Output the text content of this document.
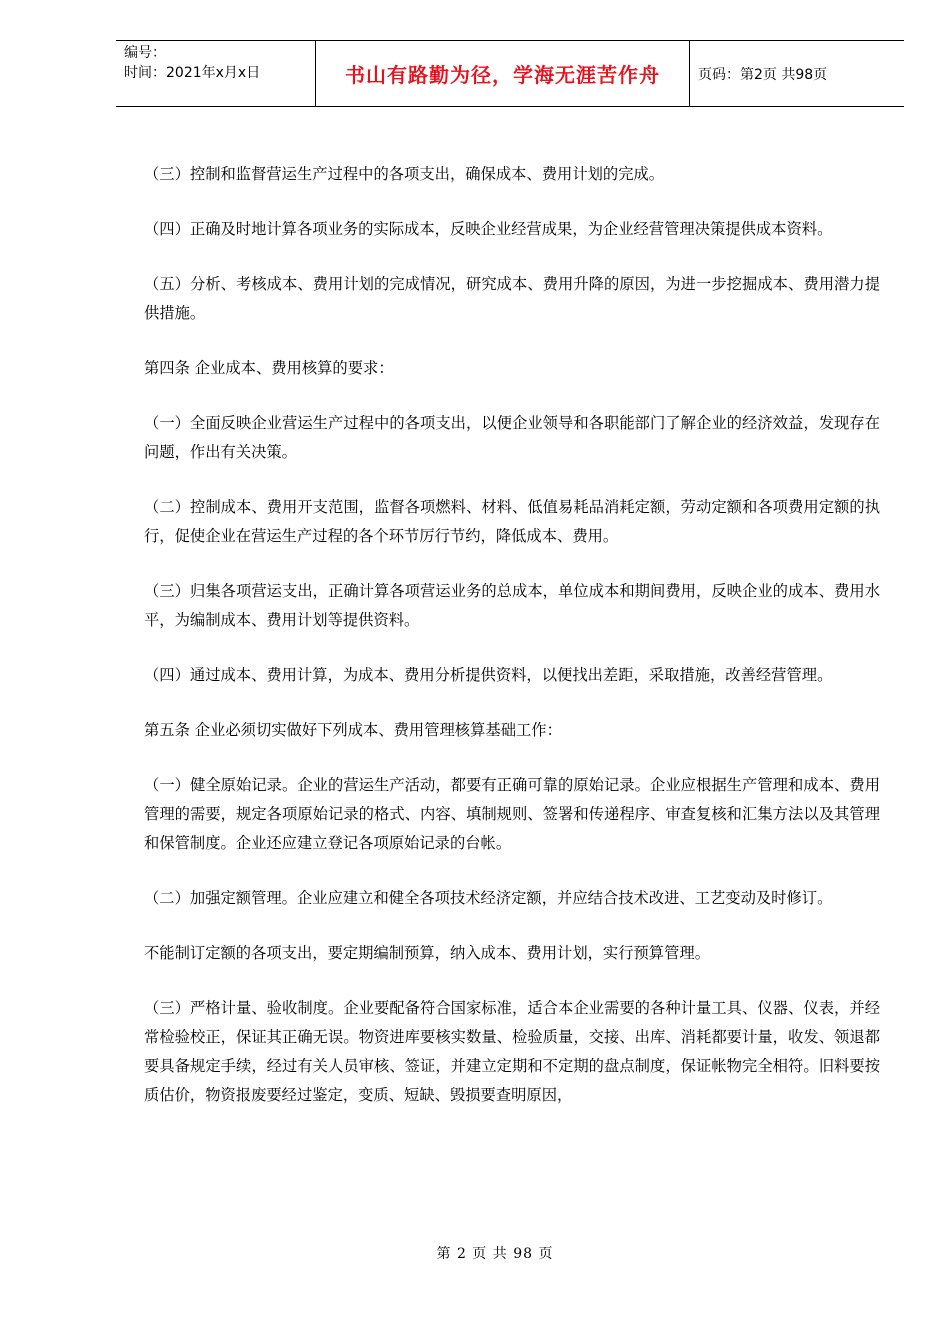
编号：
时间：2021年x月x日	书山有路勤为径，学海无涯苦作舟	页码：第2页 共98页

（三）控制和监督营运生产过程中的各项支出，确保成本、费用计划的完成。

（四）正确及时地计算各项业务的实际成本，反映企业经营成果，为企业经营管理决策提供成本资料。

（五）分析、考核成本、费用计划的完成情况，研究成本、费用升降的原因，为进一步挖掘成本、费用潜力提供措施。

第四条 企业成本、费用核算的要求：

（一）全面反映企业营运生产过程中的各项支出，以便企业领导和各职能部门了解企业的经济效益，发现存在问题，作出有关决策。

（二）控制成本、费用开支范围，监督各项燃料、材料、低值易耗品消耗定额，劳动定额和各项费用定额的执行，促使企业在营运生产过程的各个环节厉行节约，降低成本、费用。

（三）归集各项营运支出，正确计算各项营运业务的总成本，单位成本和期间费用，反映企业的成本、费用水平，为编制成本、费用计划等提供资料。

（四）通过成本、费用计算，为成本、费用分析提供资料，以便找出差距，采取措施，改善经营管理。

第五条 企业必须切实做好下列成本、费用管理核算基础工作：

（一）健全原始记录。企业的营运生产活动，都要有正确可靠的原始记录。企业应根据生产管理和成本、费用管理的需要，规定各项原始记录的格式、内容、填制规则、签署和传递程序、审查复核和汇集方法以及其管理和保管制度。企业还应建立登记各项原始记录的台帐。

（二）加强定额管理。企业应建立和健全各项技术经济定额，并应结合技术改进、工艺变动及时修订。

不能制订定额的各项支出，要定期编制预算，纳入成本、费用计划，实行预算管理。

（三）严格计量、验收制度。企业要配备符合国家标准，适合本企业需要的各种计量工具、仪器、仪表，并经常检验校正，保证其正确无误。物资进库要核实数量、检验质量，交接、出库、消耗都要计量，收发、领退都要具备规定手续，经过有关人员审核、签证，并建立定期和不定期的盘点制度，保证帐物完全相符。旧料要按质估价，物资报废要经过鉴定，变质、短缺、毁损要查明原因，

第 2 页 共 98 页
